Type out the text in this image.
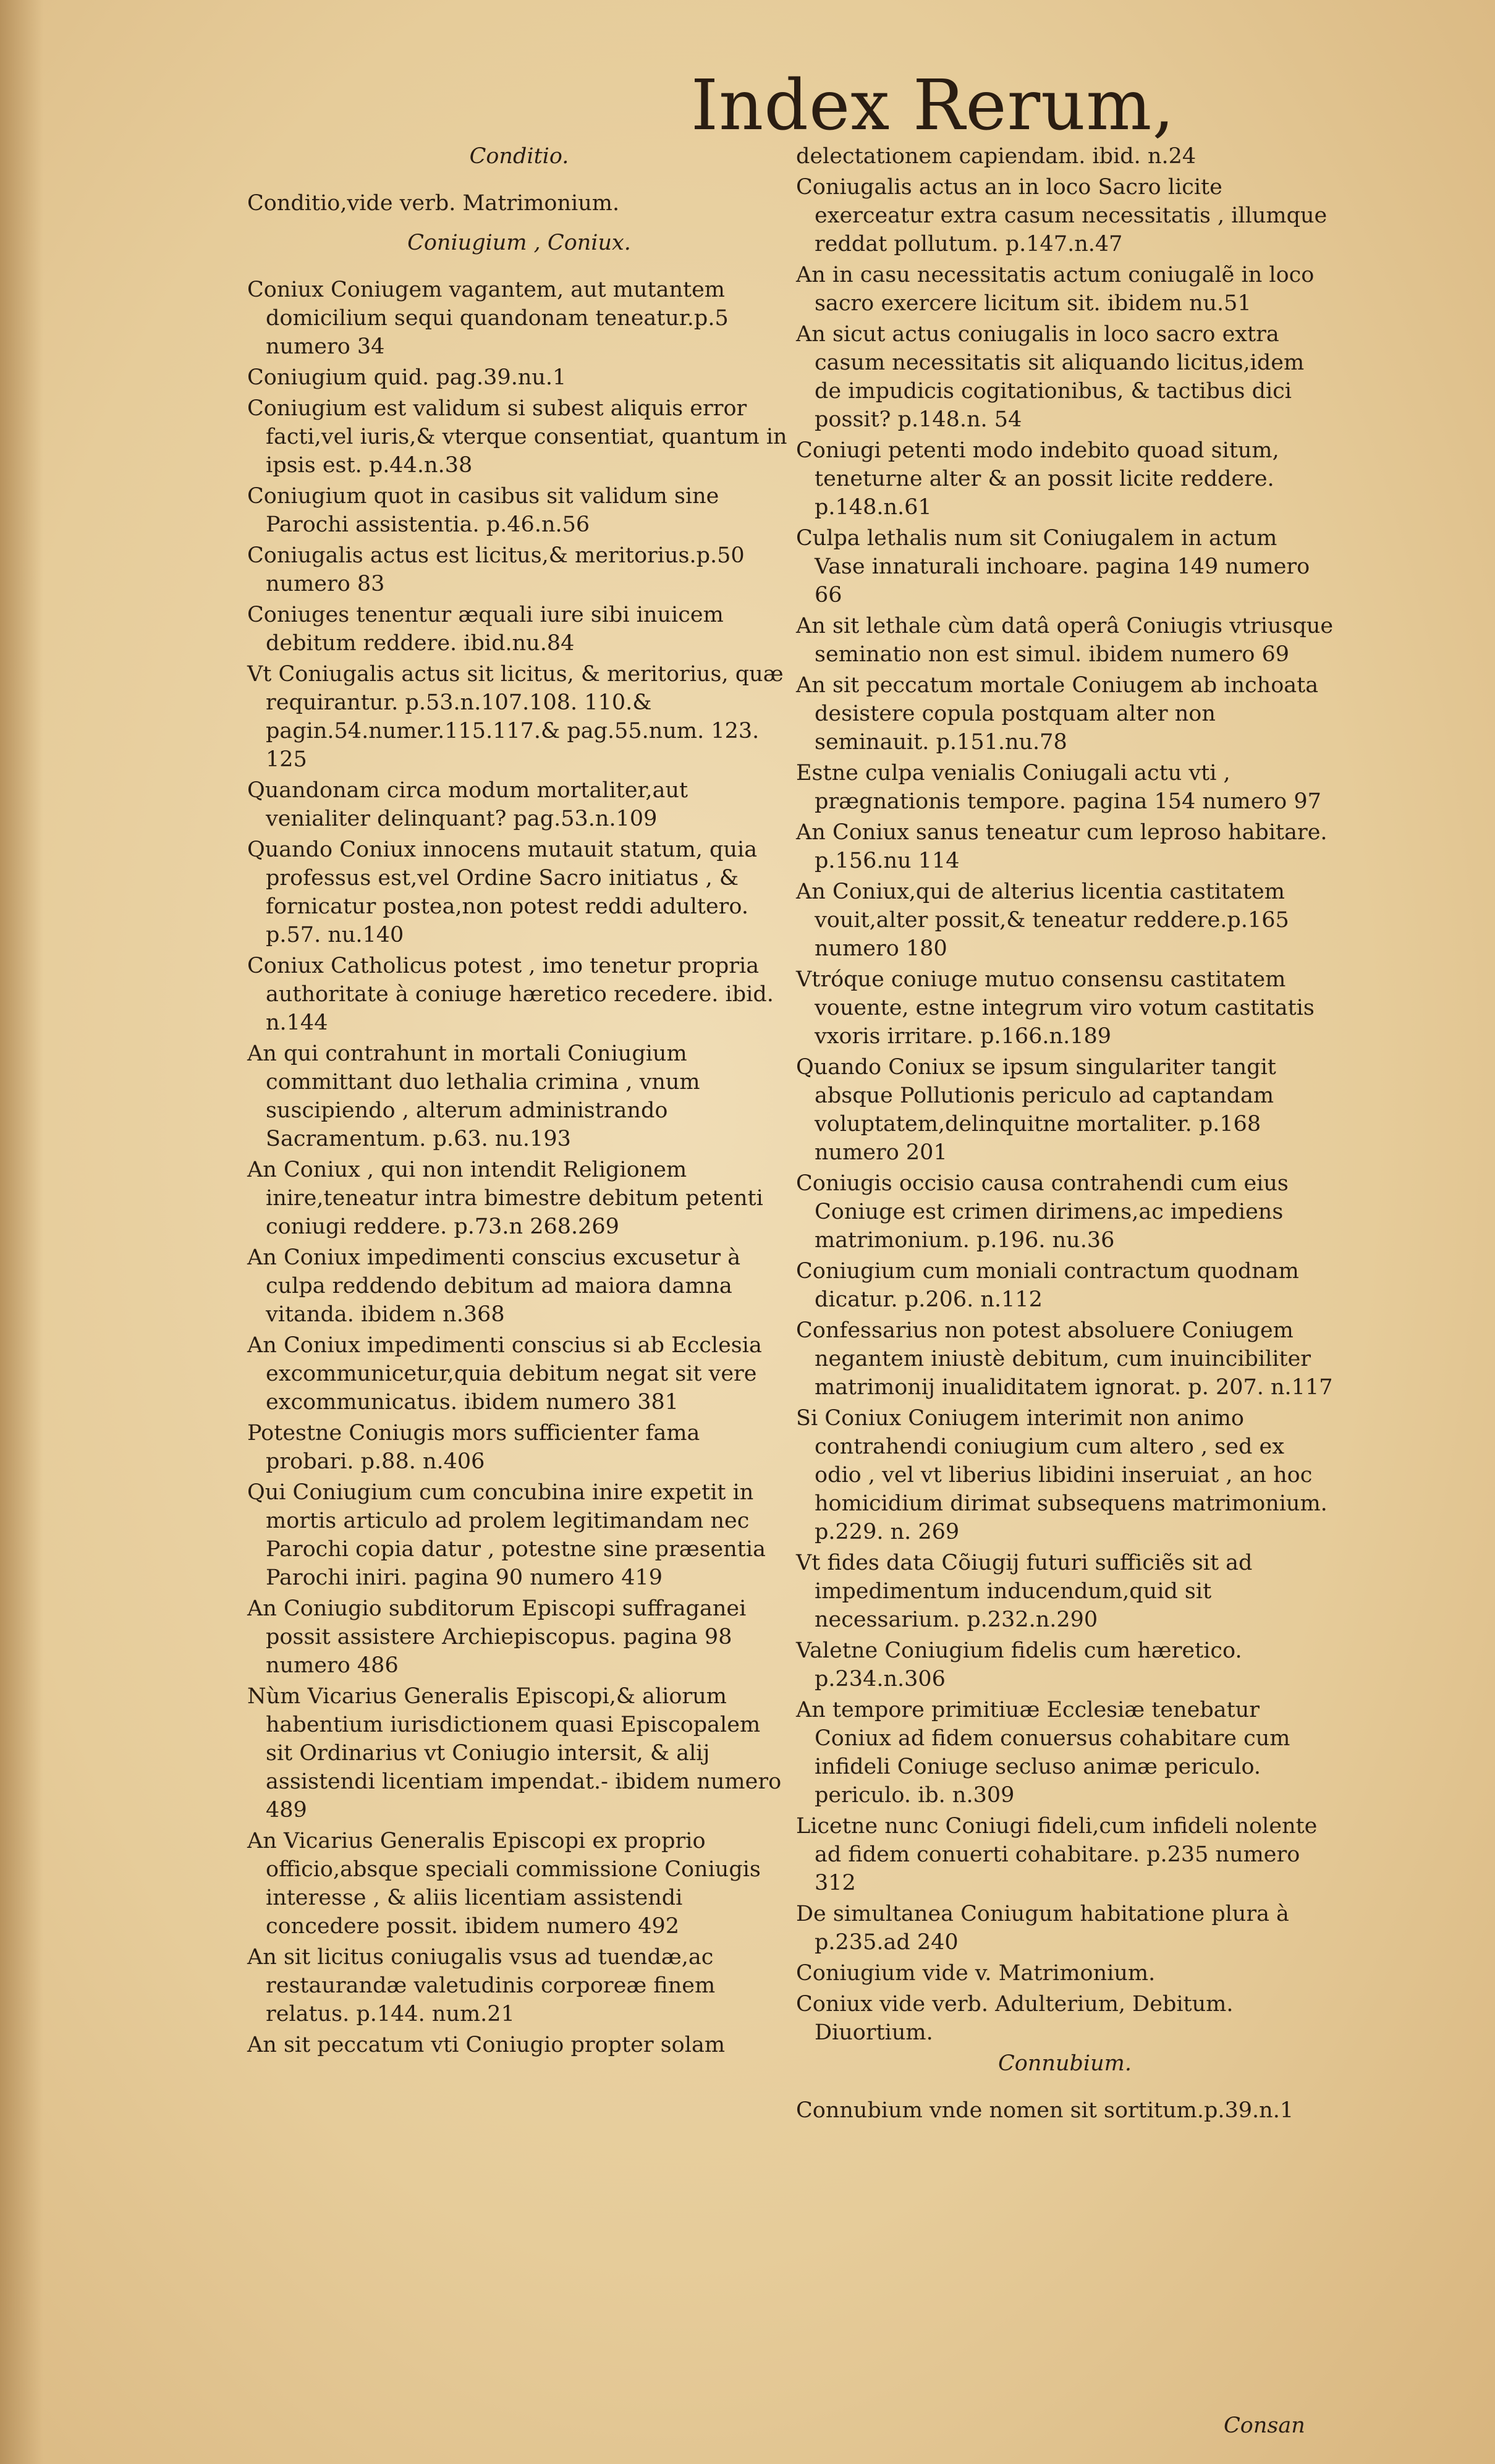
Index Rerum,
Conditio.
Conditio,vide verb. Matrimonium.
Coniugium , Coniux.
Coniux Coniugem vagantem, aut mutantem domicilium sequi quandonam teneatur.p.5 numero 34
Coniugium quid. pag.39.nu.1
Coniugium est validum si subest aliquis error facti,vel iuris,& vterque consentiat, quantum in ipsis est. p.44.n.38
Coniugium quot in casibus sit validum sine Parochi assistentia. p.46.n.56
Coniugalis actus est licitus,& meritorius.p.50 numero 83
Coniuges tenentur æquali iure sibi inuicem debitum reddere. ibid.nu.84
Vt Coniugalis actus sit licitus, & meritorius, quæ requirantur. p.53.n.107.108. 110.& pagin.54.numer.115.117.& pag.55.num. 123. 125
Quandonam circa modum mortaliter,aut venialiter delinquant? pag.53.n.109
Quando Coniux innocens mutauit statum, quia professus est,vel Ordine Sacro initiatus , & fornicatur postea,non potest reddi adultero. p.57. nu.140
Coniux Catholicus potest , imo tenetur propria authoritate à coniuge hæretico recedere. ibid. n.144
An qui contrahunt in mortali Coniugium committant duo lethalia crimina , vnum suscipiendo , alterum administrando Sacramentum. p.63. nu.193
An Coniux , qui non intendit Religionem inire,teneatur intra bimestre debitum petenti coniugi reddere. p.73.n 268.269
An Coniux impedimenti conscius excusetur à culpa reddendo debitum ad maiora damna vitanda. ibidem n.368
An Coniux impedimenti conscius si ab Ecclesia excommunicetur,quia debitum negat sit vere excommunicatus. ibidem numero 381
Potestne Coniugis mors sufficienter fama probari. p.88. n.406
Qui Coniugium cum concubina inire expetit in mortis articulo ad prolem legitimandam nec Parochi copia datur , potestne sine præsentia Parochi iniri. pagina 90 numero 419
An Coniugio subditorum Episcopi suffraganei possit assistere Archiepiscopus. pagina 98 numero 486
Nùm Vicarius Generalis Episcopi,& aliorum habentium iurisdictionem quasi Episcopalem sit Ordinarius vt Coniugio intersit, & alij assistendi licentiam impendat.- ibidem numero 489
An Vicarius Generalis Episcopi ex proprio officio,absque speciali commissione Coniugis interesse , & aliis licentiam assistendi concedere possit. ibidem numero 492
An sit licitus coniugalis vsus ad tuendæ,ac restaurandæ valetudinis corporeæ finem relatus. p.144. num.21
An sit peccatum vti Coniugio propter solam
delectationem capiendam. ibid. n.24
Coniugalis actus an in loco Sacro licite exerceatur extra casum necessitatis , illumque reddat pollutum. p.147.n.47
An in casu necessitatis actum coniugalẽ in loco sacro exercere licitum sit. ibidem nu.51
An sicut actus coniugalis in loco sacro extra casum necessitatis sit aliquando licitus,idem de impudicis cogitationibus, & tactibus dici possit? p.148.n. 54
Coniugi petenti modo indebito quoad situm, teneturne alter & an possit licite reddere. p.148.n.61
Culpa lethalis num sit Coniugalem in actum Vase innaturali inchoare. pagina 149 numero 66
An sit lethale cùm datâ operâ Coniugis vtriusque seminatio non est simul. ibidem numero 69
An sit peccatum mortale Coniugem ab inchoata desistere copula postquam alter non seminauit. p.151.nu.78
Estne culpa venialis Coniugali actu vti , prægnationis tempore. pagina 154 numero 97
An Coniux sanus teneatur cum leproso habitare. p.156.nu 114
An Coniux,qui de alterius licentia castitatem vouit,alter possit,& teneatur reddere.p.165 numero 180
Vtróque coniuge mutuo consensu castitatem vouente, estne integrum viro votum castitatis vxoris irritare. p.166.n.189
Quando Coniux se ipsum singulariter tangit absque Pollutionis periculo ad captandam voluptatem,delinquitne mortaliter. p.168 numero 201
Coniugis occisio causa contrahendi cum eius Coniuge est crimen dirimens,ac impediens matrimonium. p.196. nu.36
Coniugium cum moniali contractum quodnam dicatur. p.206. n.112
Confessarius non potest absoluere Coniugem negantem iniustè debitum, cum inuincibiliter matrimonij inualiditatem ignorat. p. 207. n.117
Si Coniux Coniugem interimit non animo contrahendi coniugium cum altero , sed ex odio , vel vt liberius libidini inseruiat , an hoc homicidium dirimat subsequens matrimonium. p.229. n. 269
Vt fides data Cõiugij futuri sufficiẽs sit ad impedimentum inducendum,quid sit necessarium. p.232.n.290
Valetne Coniugium fidelis cum hæretico. p.234.n.306
An tempore primitiuæ Ecclesiæ tenebatur Coniux ad fidem conuersus cohabitare cum infideli Coniuge secluso animæ periculo. periculo. ib. n.309
Licetne nunc Coniugi fideli,cum infideli nolente ad fidem conuerti cohabitare. p.235 numero 312
De simultanea Coniugum habitatione plura à p.235.ad 240
Coniugium vide v. Matrimonium.
Coniux vide verb. Adulterium, Debitum. Diuortium.
Connubium.
Connubium vnde nomen sit sortitum.p.39.n.1
Consan
